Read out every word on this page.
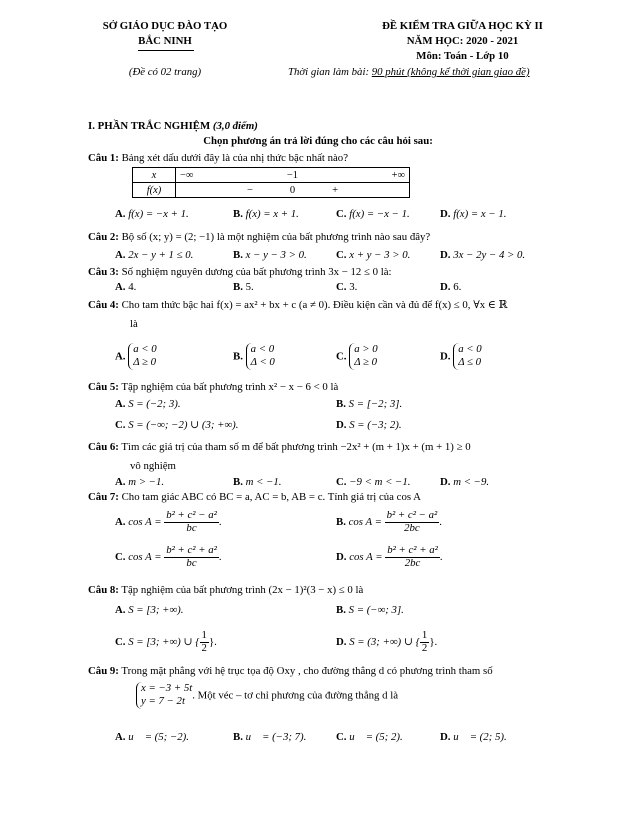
SỞ GIÁO DỤC ĐÀO TẠO
BẮC NINH
(Đề có 02 trang)
ĐỀ KIỂM TRA GIỮA HỌC KỲ II
NĂM HỌC: 2020 - 2021
Môn: Toán - Lớp 10
Thời gian làm bài: 90 phút (không kể thời gian giao đề)
I. PHẦN TRẮC NGHIỆM (3,0 điểm)
Chọn phương án trả lời đúng cho các câu hỏi sau:
Câu 1: Bảng xét dấu dưới đây là của nhị thức bậc nhất nào?
x	−∞	−1	+∞
f(x)	−	0	+
A. f(x) = −x + 1.	B. f(x) = x + 1.	C. f(x) = −x − 1.	D. f(x) = x − 1.
Câu 2: Bộ số (x; y) = (2; −1) là một nghiệm của bất phương trình nào sau đây?
A. 2x − y + 1 ≤ 0.	B. x − y − 3 > 0.	C. x + y − 3 > 0.	D. 3x − 2y − 4 > 0.
Câu 3: Số nghiệm nguyên dương của bất phương trình 3x − 12 ≤ 0 là:
A. 4.	B. 5.	C. 3.	D. 6.
Câu 4: Cho tam thức bậc hai f(x) = ax² + bx + c (a ≠ 0). Điều kiện cần và đủ để f(x) ≤ 0, ∀x ∈ ℝ
là
A. a < 0
Δ ≥ 0
B. a < 0
Δ < 0
C. a > 0
Δ ≥ 0
D. a < 0
Δ ≤ 0
Câu 5: Tập nghiệm của bất phương trình x² − x − 6 < 0 là
A. S = (−2; 3).	B. S = [−2; 3].
C. S = (−∞; −2) ∪ (3; +∞).	D. S = (−3; 2).
Câu 6: Tìm các giá trị của tham số m để bất phương trình −2x² + (m + 1)x + (m + 1) ≥ 0
vô nghiệm
A. m > −1.	B. m < −1.	C. −9 < m < −1.	D. m < −9.
Câu 7: Cho tam giác ABC có BC = a, AC = b, AB = c. Tính giá trị của cos A
A. $\cos A = \frac{\text{b² + c² − a²}}{bc}$ .	B. $\cos A = \frac{\text{b² + c² − a²}}{2bc}$ .
C. $\cos A = \frac{\text{b² + c² + a²}}{bc}$ .	D. $\cos A = \frac{\text{b² + c² + a²}}{2bc}$ .
Câu 8: Tập nghiệm của bất phương trình (2x − 1)²(3 − x) ≤ 0 là
A. S = [3; +∞).	B. S = (−∞; 3].
C. S = [3; +∞) ∪ { $\frac{1}{2}$ }.	D. S = (3; +∞) ∪ { $\frac{1}{2}$ }.
Câu 9: Trong mặt phẳng với hệ trục tọa độ Oxy , cho đường thẳng d có phương trình tham số
x = −3 + 5t
y = 7 − 2t. Một véc – tơ chỉ phương của đường thẳng d là
A. u⃗ = (5; −2).	B. u⃗ = (−3; 7).	C. u⃗ = (5; 2).	D. u⃗ = (2; 5).
